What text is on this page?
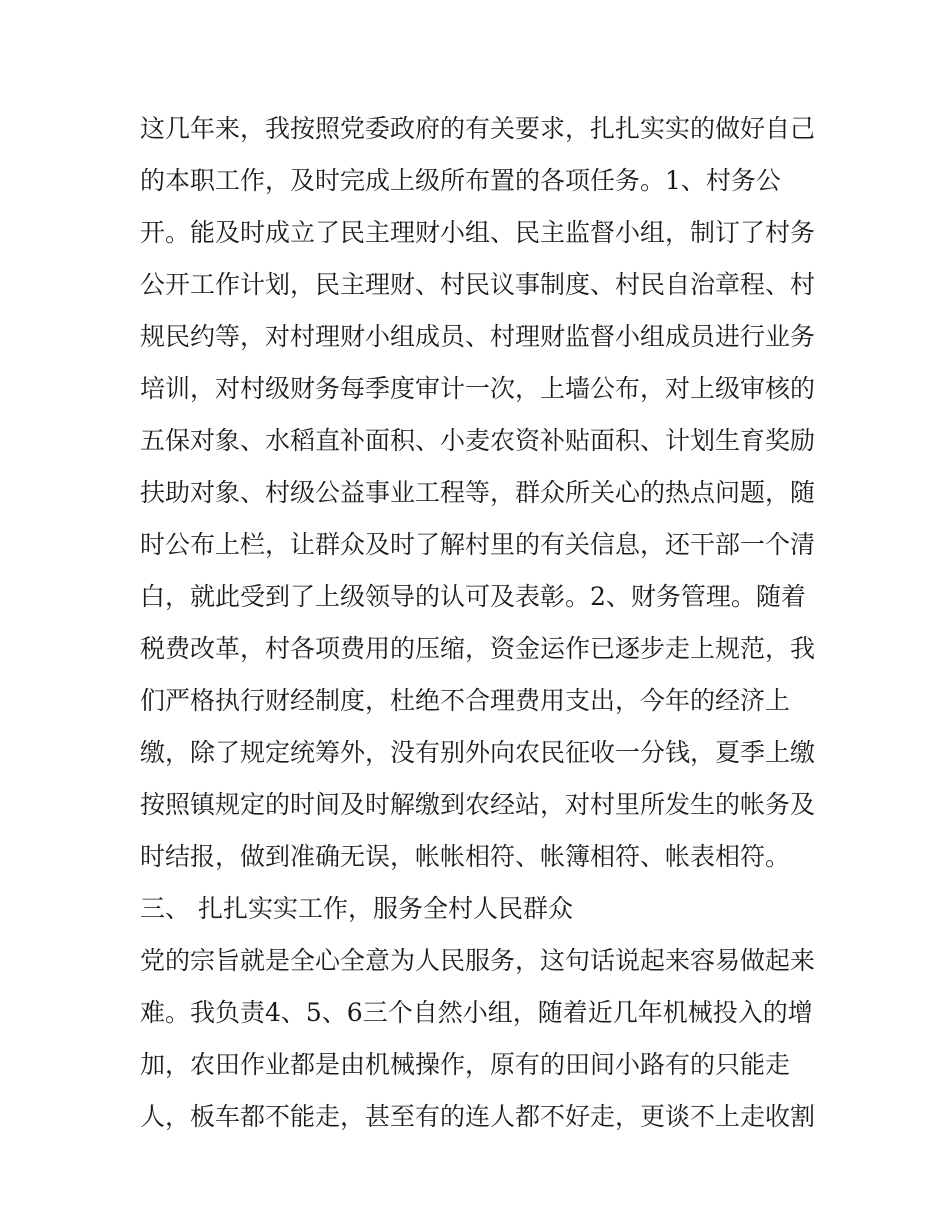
这几年来，我按照党委政府的有关要求，扎扎实实的做好自己
的本职工作，及时完成上级所布置的各项任务。1、村务公
开。能及时成立了民主理财小组、民主监督小组，制订了村务
公开工作计划，民主理财、村民议事制度、村民自治章程、村
规民约等，对村理财小组成员、村理财监督小组成员进行业务
培训，对村级财务每季度审计一次，上墙公布，对上级审核的
五保对象、水稻直补面积、小麦农资补贴面积、计划生育奖励
扶助对象、村级公益事业工程等，群众所关心的热点问题，随
时公布上栏，让群众及时了解村里的有关信息，还干部一个清
白，就此受到了上级领导的认可及表彰。2、财务管理。随着
税费改革，村各项费用的压缩，资金运作已逐步走上规范，我
们严格执行财经制度，杜绝不合理费用支出，今年的经济上
缴，除了规定统筹外，没有别外向农民征收一分钱，夏季上缴
按照镇规定的时间及时解缴到农经站，对村里所发生的帐务及
时结报，做到准确无误，帐帐相符、帐簿相符、帐表相符。
三、 扎扎实实工作，服务全村人民群众
党的宗旨就是全心全意为人民服务，这句话说起来容易做起来
难。我负责4、5、6三个自然小组，随着近几年机械投入的增
加，农田作业都是由机械操作，原有的田间小路有的只能走
人，板车都不能走，甚至有的连人都不好走，更谈不上走收割
